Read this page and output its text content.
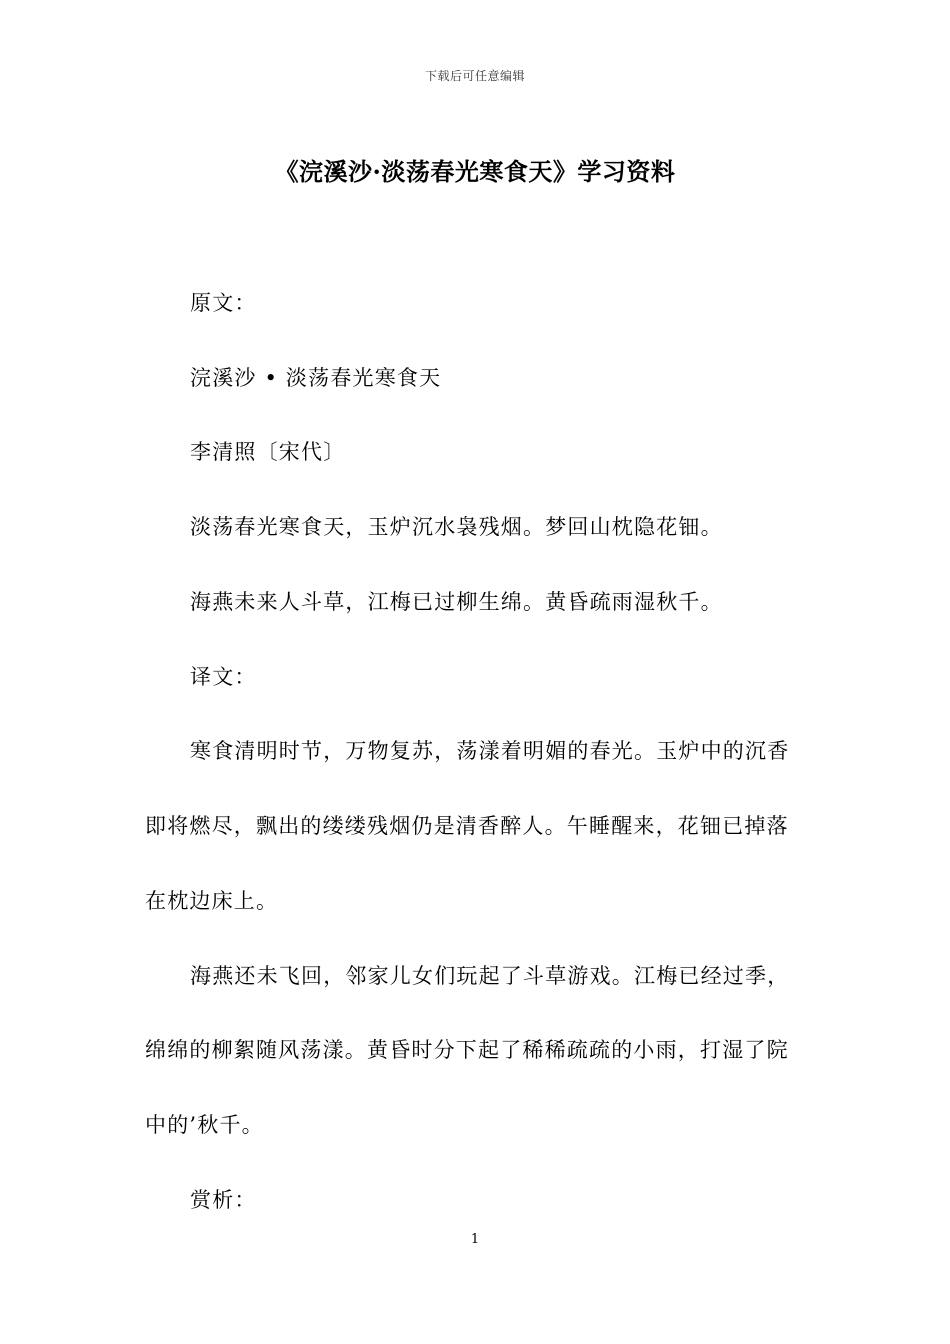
下载后可任意编辑
《浣溪沙·淡荡春光寒食天》学习资料
原文：
浣溪沙 • 淡荡春光寒食天
李清照〔宋代〕
淡荡春光寒食天，玉炉沉水袅残烟。梦回山枕隐花钿。
海燕未来人斗草，江梅已过柳生绵。黄昏疏雨湿秋千。
译文：
寒食清明时节，万物复苏，荡漾着明媚的春光。玉炉中的沉香
即将燃尽，飘出的缕缕残烟仍是清香醉人。午睡醒来，花钿已掉落
在枕边床上。
海燕还未飞回，邻家儿女们玩起了斗草游戏。江梅已经过季，
绵绵的柳絮随风荡漾。黄昏时分下起了稀稀疏疏的小雨，打湿了院
中的’秋千。
赏析：
1
